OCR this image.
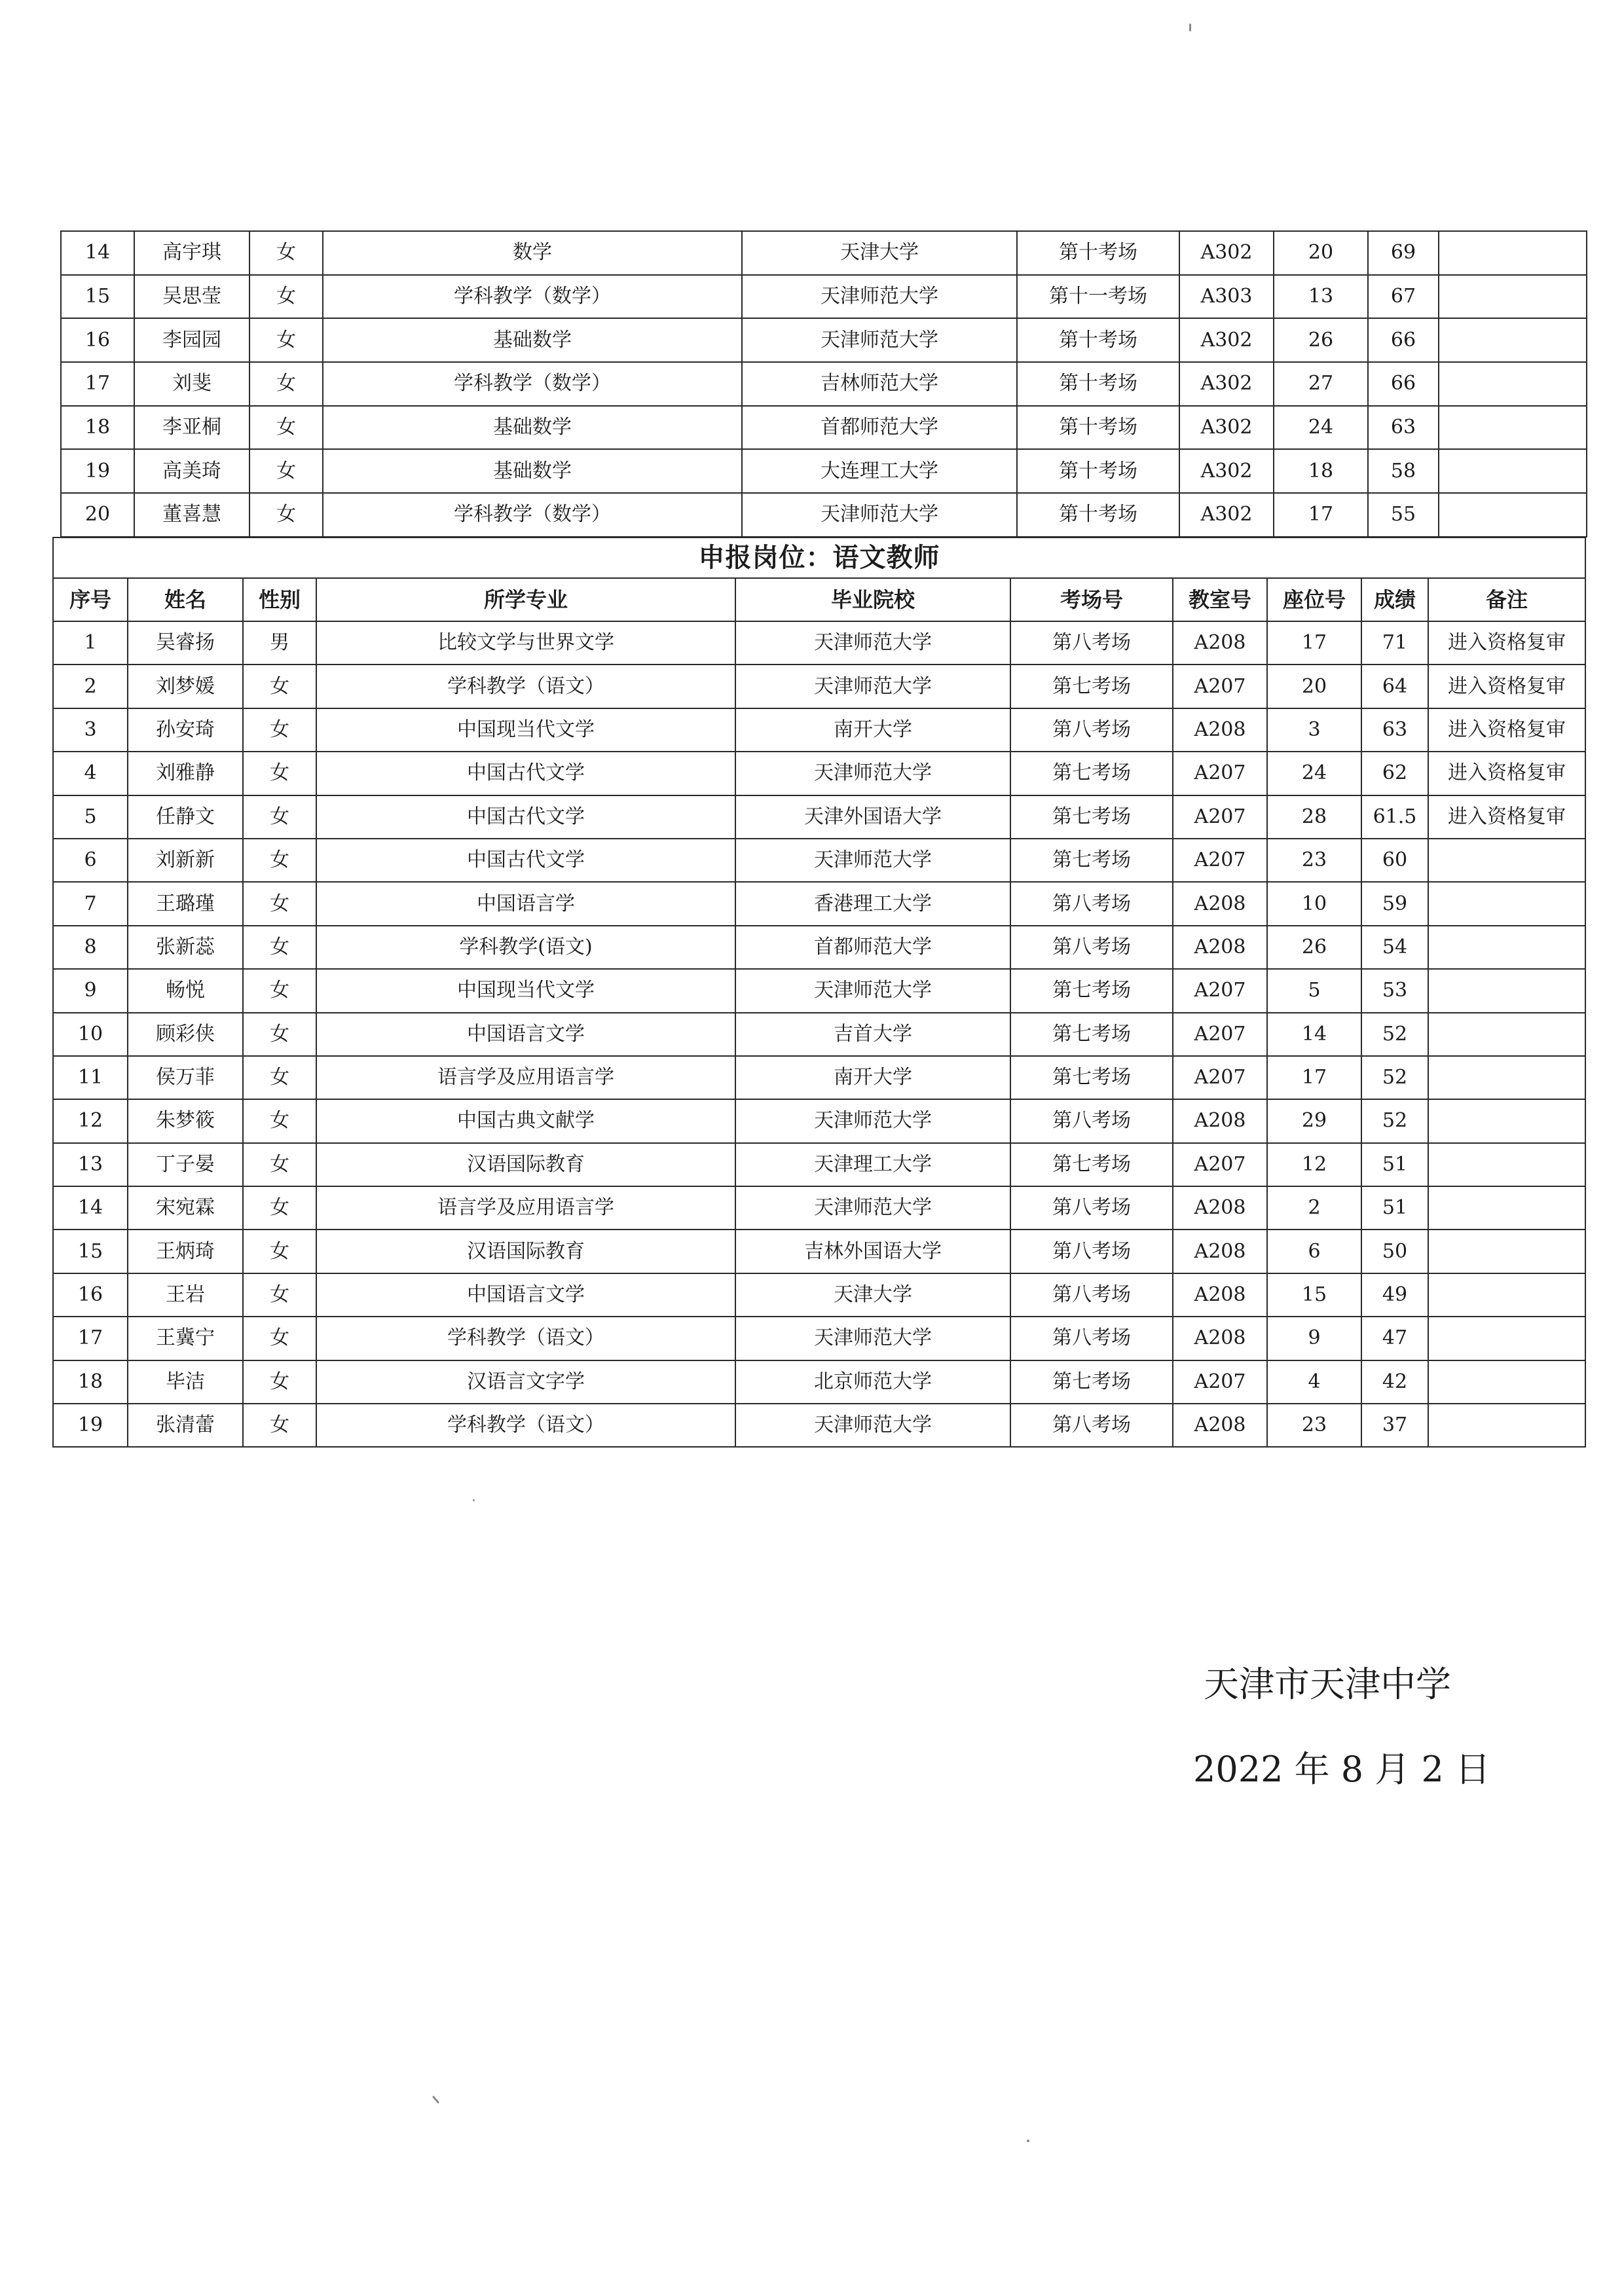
14	高宇琪	女	数学	天津大学	第十考场	A302	20	69	
15	吴思莹	女	学科教学（数学）	天津师范大学	第十一考场	A303	13	67	
16	李园园	女	基础数学	天津师范大学	第十考场	A302	26	66	
17	刘斐	女	学科教学（数学）	吉林师范大学	第十考场	A302	27	66	
18	李亚桐	女	基础数学	首都师范大学	第十考场	A302	24	63	
19	高美琦	女	基础数学	大连理工大学	第十考场	A302	18	58	
20	董喜慧	女	学科教学（数学）	天津师范大学	第十考场	A302	17	55	
申报岗位：语文教师									
序号	姓名	性别	所学专业	毕业院校	考场号	教室号	座位号	成绩	备注
1	吴睿扬	男	比较文学与世界文学	天津师范大学	第八考场	A208	17	71	进入资格复审
2	刘梦媛	女	学科教学（语文）	天津师范大学	第七考场	A207	20	64	进入资格复审
3	孙安琦	女	中国现当代文学	南开大学	第八考场	A208	3	63	进入资格复审
4	刘雅静	女	中国古代文学	天津师范大学	第七考场	A207	24	62	进入资格复审
5	任静文	女	中国古代文学	天津外国语大学	第七考场	A207	28	61.5	进入资格复审
6	刘新新	女	中国古代文学	天津师范大学	第七考场	A207	23	60	
7	王璐瑾	女	中国语言学	香港理工大学	第八考场	A208	10	59	
8	张新蕊	女	学科教学(语文)	首都师范大学	第八考场	A208	26	54	
9	畅悦	女	中国现当代文学	天津师范大学	第七考场	A207	5	53	
10	顾彩侠	女	中国语言文学	吉首大学	第七考场	A207	14	52	
11	侯万菲	女	语言学及应用语言学	南开大学	第七考场	A207	17	52	
12	朱梦筱	女	中国古典文献学	天津师范大学	第八考场	A208	29	52	
13	丁子晏	女	汉语国际教育	天津理工大学	第七考场	A207	12	51	
14	宋宛霖	女	语言学及应用语言学	天津师范大学	第八考场	A208	2	51	
15	王炳琦	女	汉语国际教育	吉林外国语大学	第八考场	A208	6	50	
16	王岩	女	中国语言文学	天津大学	第八考场	A208	15	49	
17	王冀宁	女	学科教学（语文）	天津师范大学	第八考场	A208	9	47	
18	毕洁	女	汉语言文字学	北京师范大学	第七考场	A207	4	42	
19	张清蕾	女	学科教学（语文）	天津师范大学	第八考场	A208	23	37	
天津市天津中学
2022 年 8 月 2 日
